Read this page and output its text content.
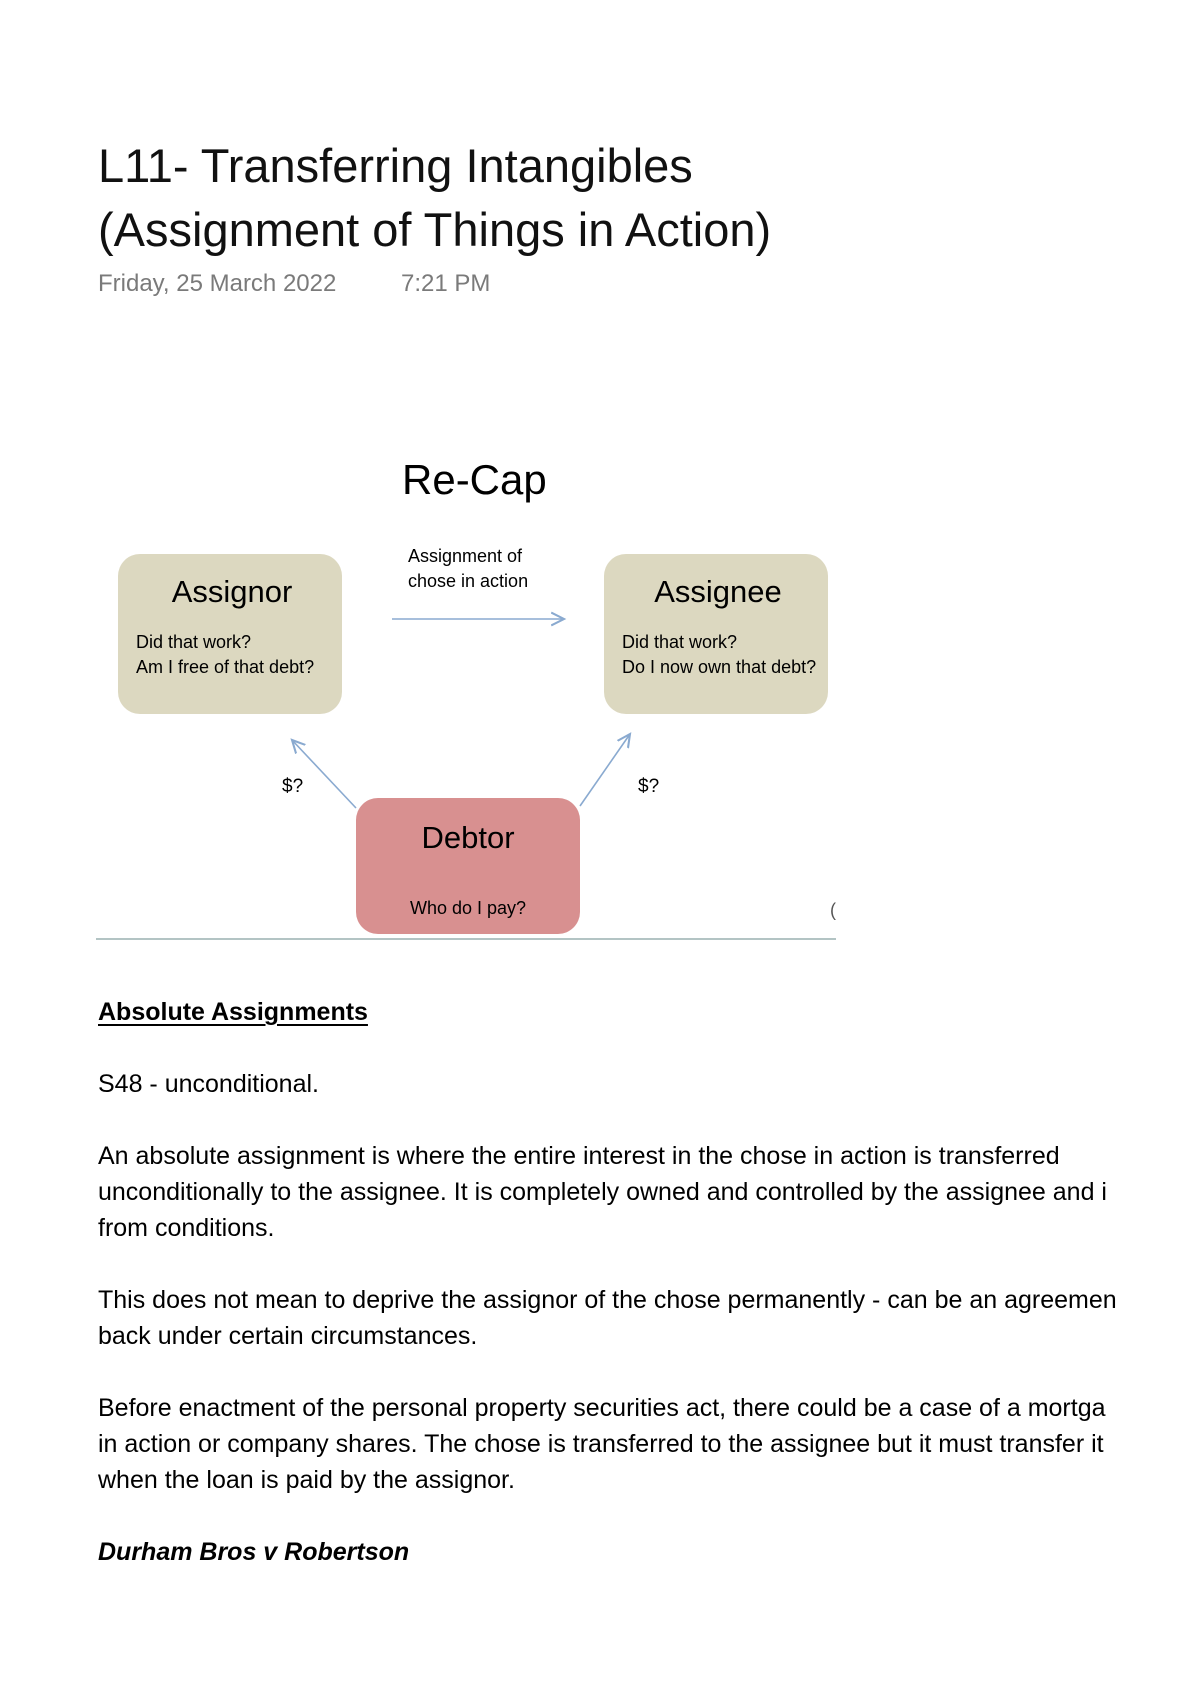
L11- Transferring Intangibles
(Assignment of Things in Action)
Friday, 25 March 2022	7:21 PM
Re-Cap
Assignment of
chose in action
Assignor
Did that work?
Am I free of that debt?
Assignee
Did that work?
Do I now own that debt?
$?	$?
Debtor
Who do I pay?	(
Absolute Assignments

S48 - unconditional.

An absolute assignment is where the entire interest in the chose in action is transferred
unconditionally to the assignee. It is completely owned and controlled by the assignee and i
from conditions.

This does not mean to deprive the assignor of the chose permanently - can be an agreemen
back under certain circumstances.

Before enactment of the personal property securities act, there could be a case of a mortga
in action or company shares. The chose is transferred to the assignee but it must transfer it
when the loan is paid by the assignor.

Durham Bros v Robertson
